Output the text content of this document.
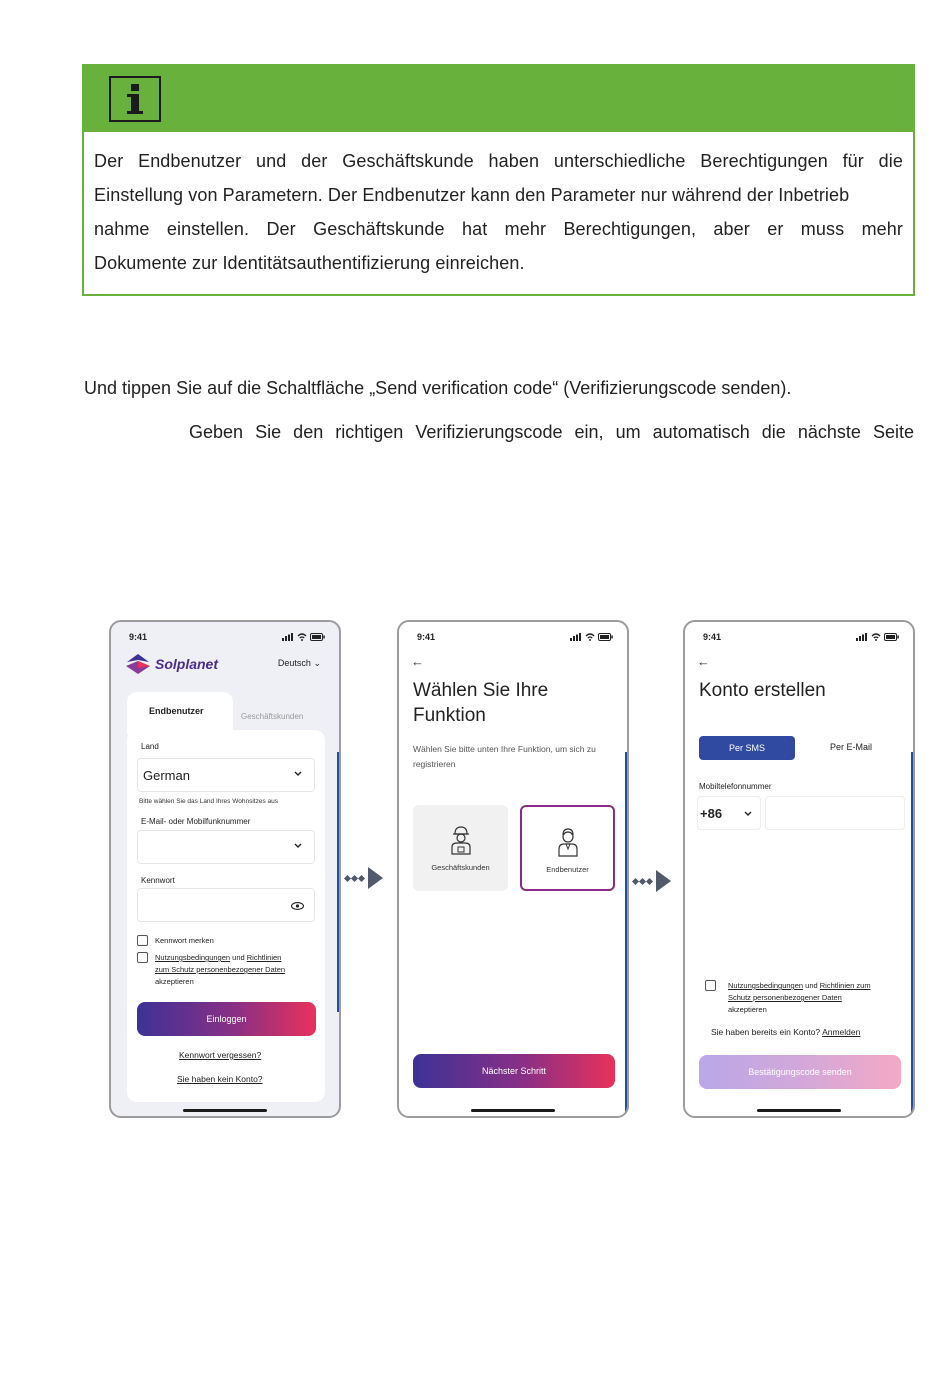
Der Endbenutzer und der Geschäftskunde haben unterschiedliche Berechtigungen für die
Einstellung von Parametern. Der Endbenutzer kann den Parameter nur während der Inbetrieb
nahme einstellen. Der Geschäftskunde hat mehr Berechtigungen, aber er muss mehr
Dokumente zur Identitätsauthentifizierung einreichen.
Und tippen Sie auf die Schaltfläche „Send verification code“ (Verifizierungscode senden).
Geben Sie den richtigen Verifizierungscode ein, um automatisch die nächste Seite
9:41
Solplanet	Deutsch ⌄
Endbenutzer
Geschäftskunden
Land
German
Bitte wählen Sie das Land Ihres Wohnsitzes aus
E-Mail- oder Mobilfunknummer
Kennwort
Kennwort merken
Nutzungsbedingungen und Richtlinien
zum Schutz personenbezogener Daten
akzeptieren
Einloggen
Kennwort vergessen?
Sie haben kein Konto?
9:41
←
Wählen Sie Ihre
Funktion
Wählen Sie bitte unten Ihre Funktion, um sich zu registrieren
Geschäftskunden	Endbenutzer
Nächster Schritt
9:41
←
Konto erstellen
Per SMS	Per E-Mail
Mobiltelefonnummer
+86
Nutzungsbedingungen und Richtlinien zum
Schutz personenbezogener Daten
akzeptieren
Sie haben bereits ein Konto? Anmelden
Bestätigungscode senden
